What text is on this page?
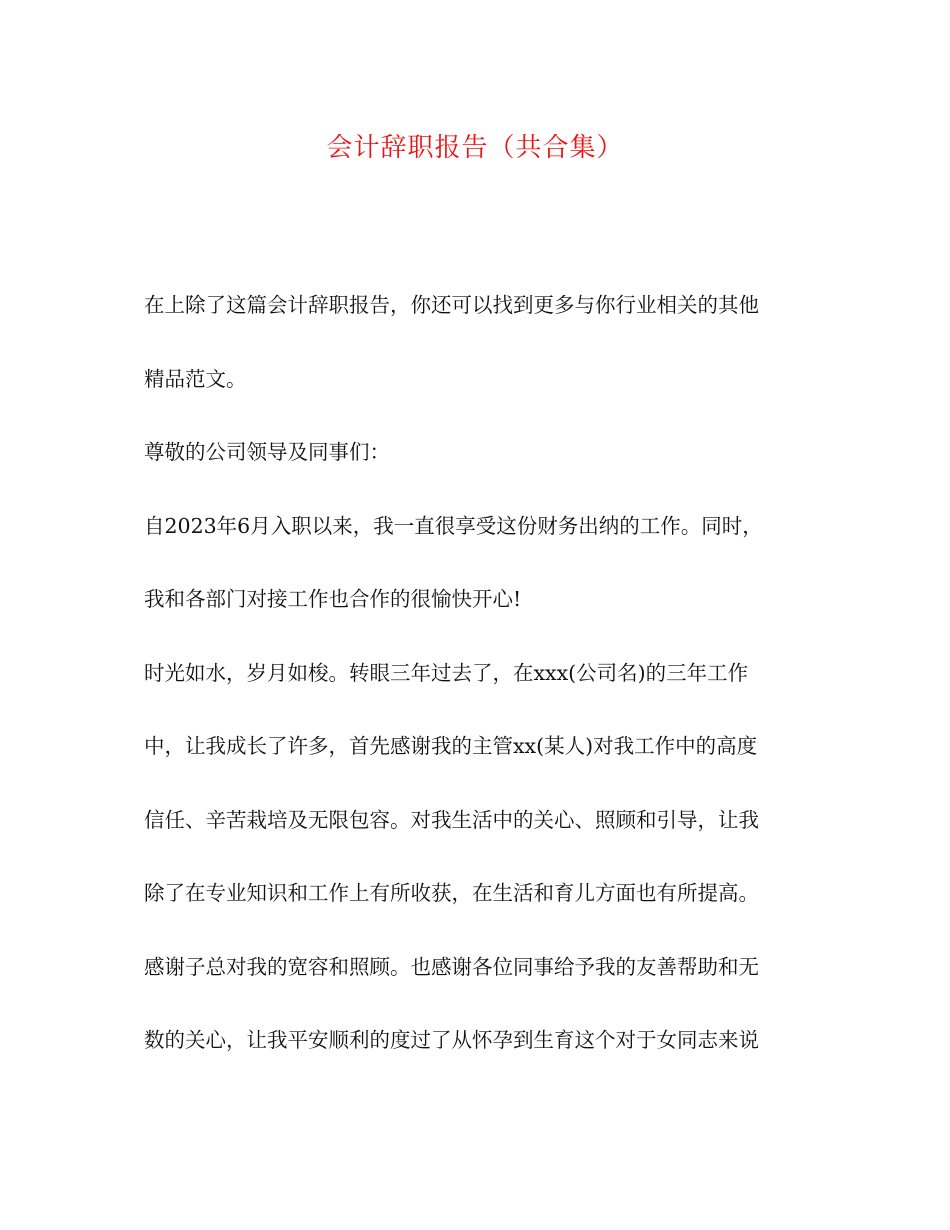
会计辞职报告（共合集）
在上除了这篇会计辞职报告，你还可以找到更多与你行业相关的其他
精品范文。
尊敬的公司领导及同事们：
自2023年6月入职以来，我一直很享受这份财务出纳的工作。同时，
我和各部门对接工作也合作的很愉快开心!
时光如水，岁月如梭。转眼三年过去了，在xxx(公司名)的三年工作
中，让我成长了许多，首先感谢我的主管xx(某人)对我工作中的高度
信任、辛苦栽培及无限包容。对我生活中的关心、照顾和引导，让我
除了在专业知识和工作上有所收获，在生活和育儿方面也有所提高。
感谢子总对我的宽容和照顾。也感谢各位同事给予我的友善帮助和无
数的关心，让我平安顺利的度过了从怀孕到生育这个对于女同志来说
